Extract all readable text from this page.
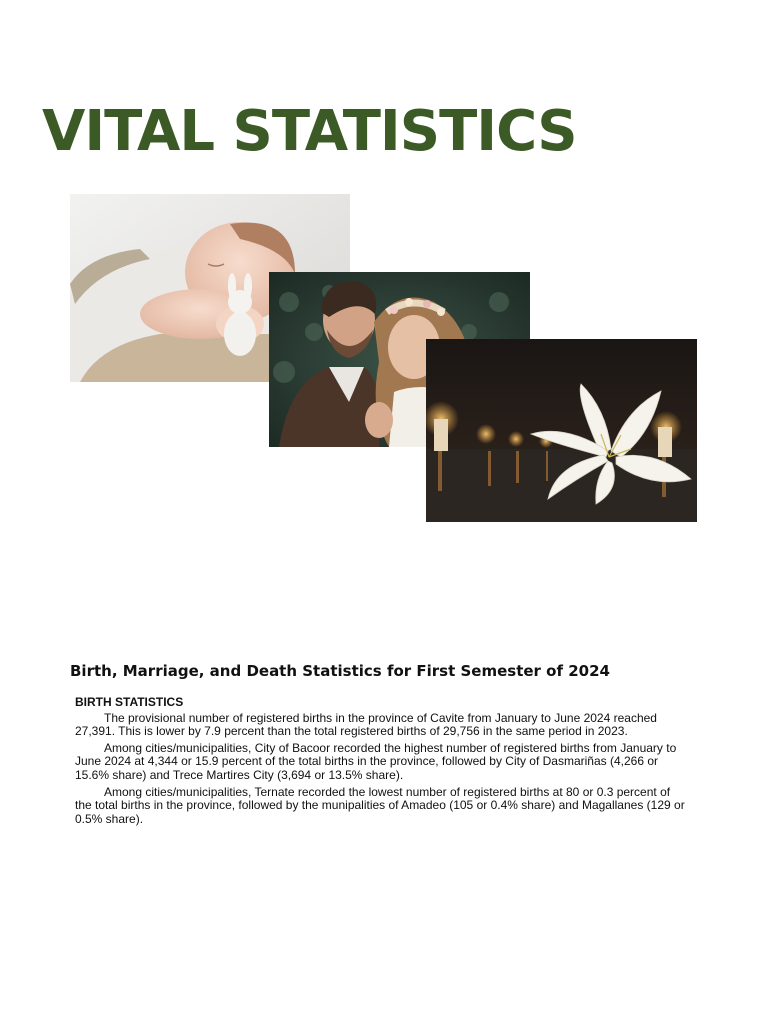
VITAL STATISTICS
Birth, Marriage, and Death Statistics for First Semester of 2024

BIRTH STATISTICS

The provisional number of registered births in the province of Cavite from January to June 2024 reached 27,391. This is lower by 7.9 percent than the total registered births of 29,756 in the same period in 2023.

Among cities/municipalities, City of Bacoor recorded the highest number of registered births from January to June 2024 at 4,344 or 15.9 percent of the total births in the province, followed by City of Dasmariñas (4,266 or 15.6% share) and Trece Martires City (3,694 or 13.5% share).

Among cities/municipalities, Ternate recorded the lowest number of registered births at 80 or 0.3 percent of the total births in the province, followed by the munipalities of Amadeo (105 or 0.4% share) and Magallanes (129 or 0.5% share).
